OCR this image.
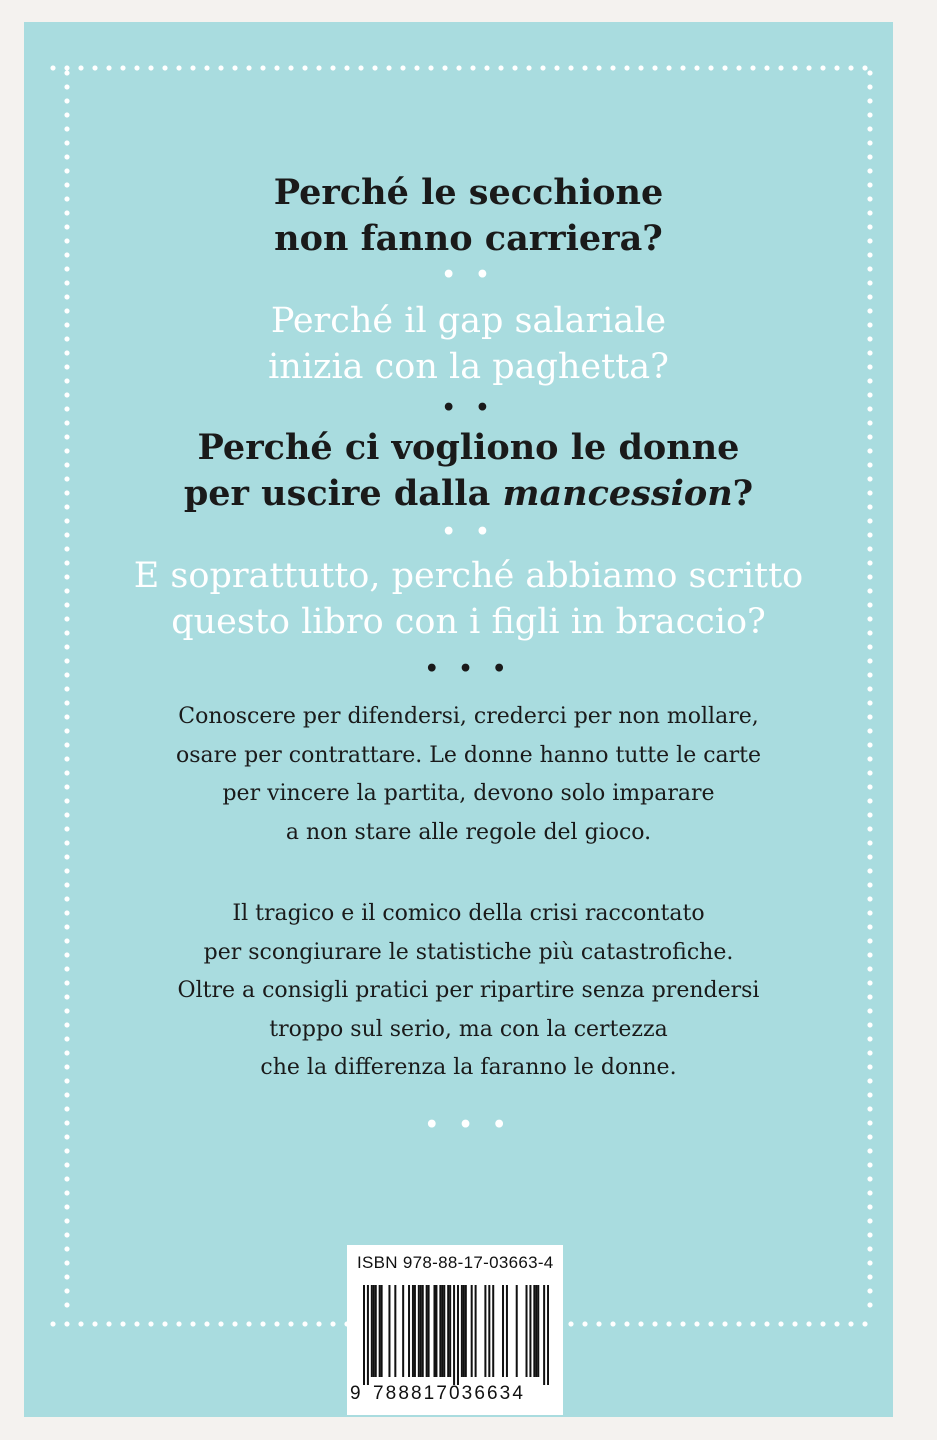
Perché le secchione
non fanno carriera?
• •
Perché il gap salariale
inizia con la paghetta?
• •
Perché ci vogliono le donne
per uscire dalla mancession?
• •
E soprattutto, perché abbiamo scritto
questo libro con i figli in braccio?
• • •
Conoscere per difendersi, crederci per non mollare,
osare per contrattare. Le donne hanno tutte le carte
per vincere la partita, devono solo imparare
a non stare alle regole del gioco.
Il tragico e il comico della crisi raccontato
per scongiurare le statistiche più catastrofiche.
Oltre a consigli pratici per ripartire senza prendersi
troppo sul serio, ma con la certezza
che la differenza la faranno le donne.
• • •
ISBN 978-88-17-03663-4
9 788817036634
